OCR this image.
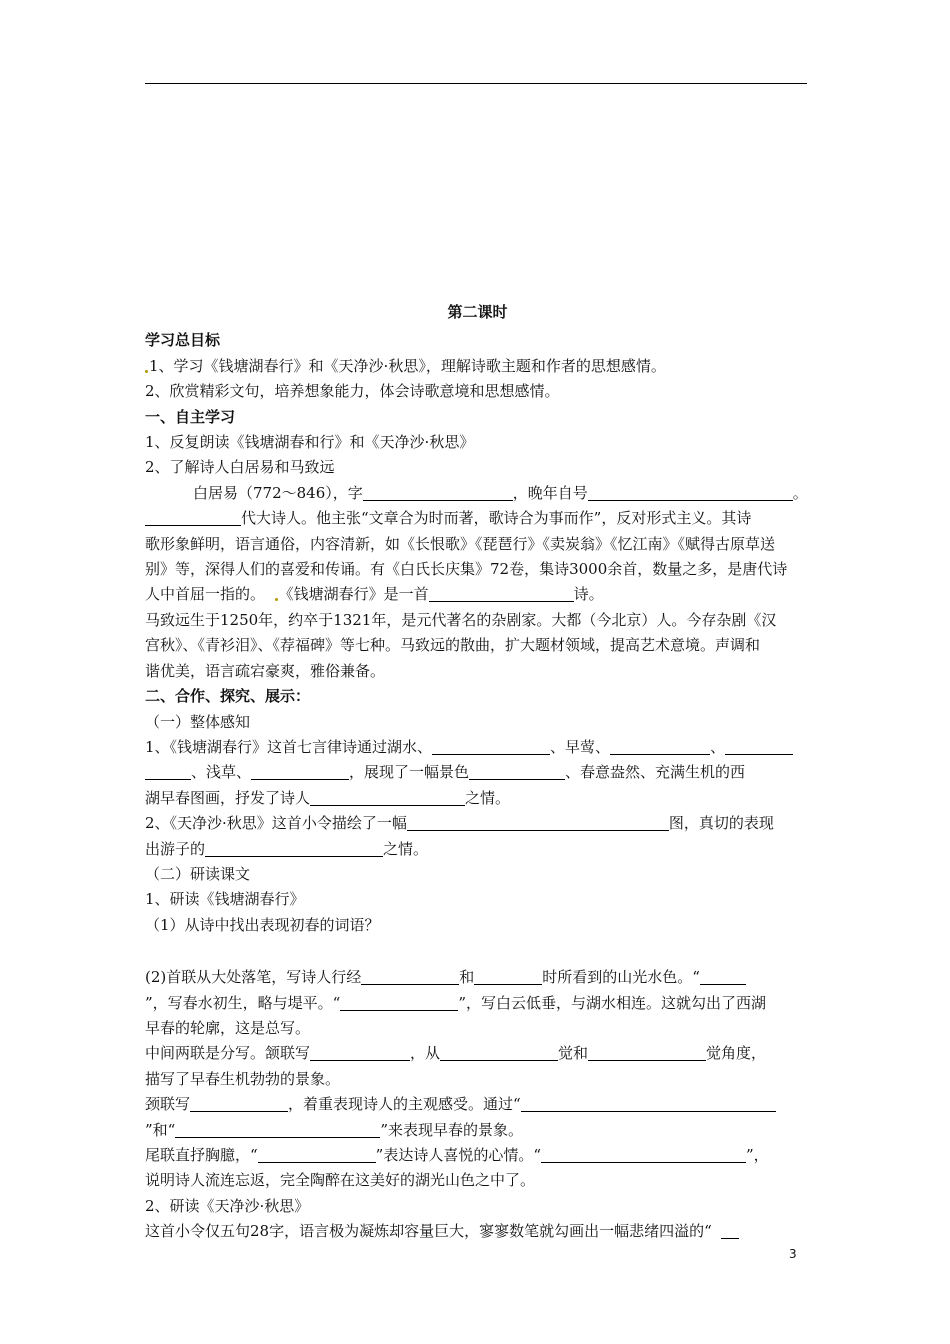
第二课时
学习总目标
1、学习《钱塘湖春行》和《天净沙·秋思》，理解诗歌主题和作者的思想感情。
2、欣赏精彩文句，培养想象能力，体会诗歌意境和思想感情。
一、自主学习
1、反复朗读《钱塘湖春和行》和《天净沙·秋思》
2、了解诗人白居易和马致远
白居易（772～846），字	，晚年自号	。
代大诗人。他主张“文章合为时而著，歌诗合为事而作”，反对形式主义。其诗
歌形象鲜明，语言通俗，内容清新，如《长恨歌》《琵琶行》《卖炭翁》《忆江南》《赋得古原草送
别》等，深得人们的喜爱和传诵。有《白氏长庆集》72卷，集诗3000余首，数量之多，是唐代诗
人中首屈一指的。 《钱塘湖春行》是一首	诗。
马致远生于1250年，约卒于1321年，是元代著名的杂剧家。大都（今北京）人。今存杂剧《汉
宫秋》、《青衫泪》、《荐福碑》等七种。马致远的散曲，扩大题材领域，提高艺术意境。声调和
谐优美，语言疏宕豪爽，雅俗兼备。
二、合作、探究、展示：
（一）整体感知
1、《钱塘湖春行》这首七言律诗通过湖水、	、早莺、	、
、浅草、	，展现了一幅景色	、春意盎然、充满生机的西
湖早春图画，抒发了诗人	之情。
2、《天净沙·秋思》这首小令描绘了一幅	图，真切的表现
出游子的	之情。
（二）研读课文
1、研读《钱塘湖春行》
（1）从诗中找出表现初春的词语？
(2)首联从大处落笔，写诗人行经	和	时所看到的山光水色。“
”，写春水初生，略与堤平。“	”，写白云低垂，与湖水相连。这就勾出了西湖
早春的轮廓，这是总写。
中间两联是分写。颔联写	，从	觉和	觉角度，
描写了早春生机勃勃的景象。
颈联写	，着重表现诗人的主观感受。通过“
”和“	”来表现早春的景象。
尾联直抒胸臆，“	”表达诗人喜悦的心情。“	”，
说明诗人流连忘返，完全陶醉在这美好的湖光山色之中了。
2、研读《天净沙·秋思》
这首小令仅五句28字，语言极为凝炼却容量巨大，寥寥数笔就勾画出一幅悲绪四溢的“
3
